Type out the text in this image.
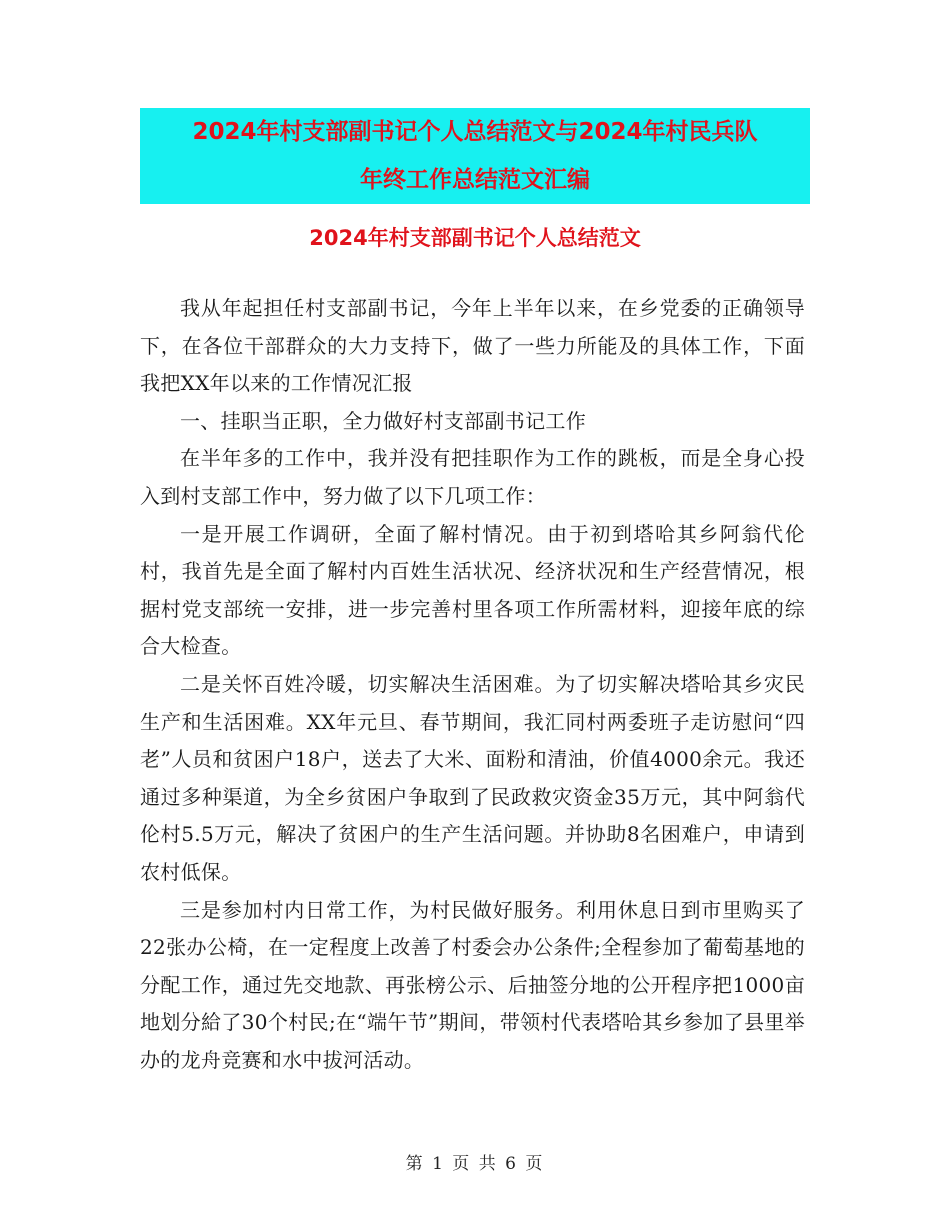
2024年村支部副书记个人总结范文与2024年村民兵队
年终工作总结范文汇编
2024年村支部副书记个人总结范文

我从年起担任村支部副书记，今年上半年以来，在乡党委的正确领导下，在各位干部群众的大力支持下，做了一些力所能及的具体工作，下面我把XX年以来的工作情况汇报

一、挂职当正职，全力做好村支部副书记工作

在半年多的工作中，我并没有把挂职作为工作的跳板，而是全身心投入到村支部工作中，努力做了以下几项工作：

一是开展工作调研，全面了解村情况。由于初到塔哈其乡阿翁代伦村，我首先是全面了解村内百姓生活状况、经济状况和生产经营情况，根据村党支部统一安排，进一步完善村里各项工作所需材料，迎接年底的综合大检查。

二是关怀百姓冷暖，切实解决生活困难。为了切实解决塔哈其乡灾民生产和生活困难。XX年元旦、春节期间，我汇同村两委班子走访慰问“四老”人员和贫困户18户，送去了大米、面粉和清油，价值4000余元。我还通过多种渠道，为全乡贫困户争取到了民政救灾资金35万元，其中阿翁代伦村5.5万元，解决了贫困户的生产生活问题。并协助8名困难户，申请到农村低保。

三是参加村内日常工作，为村民做好服务。利用休息日到市里购买了22张办公椅，在一定程度上改善了村委会办公条件;全程参加了葡萄基地的分配工作，通过先交地款、再张榜公示、后抽签分地的公开程序把1000亩地划分給了30个村民;在“端午节”期间，带领村代表塔哈其乡参加了县里举办的龙舟竞赛和水中拔河活动。

第 1 页 共 6 页
